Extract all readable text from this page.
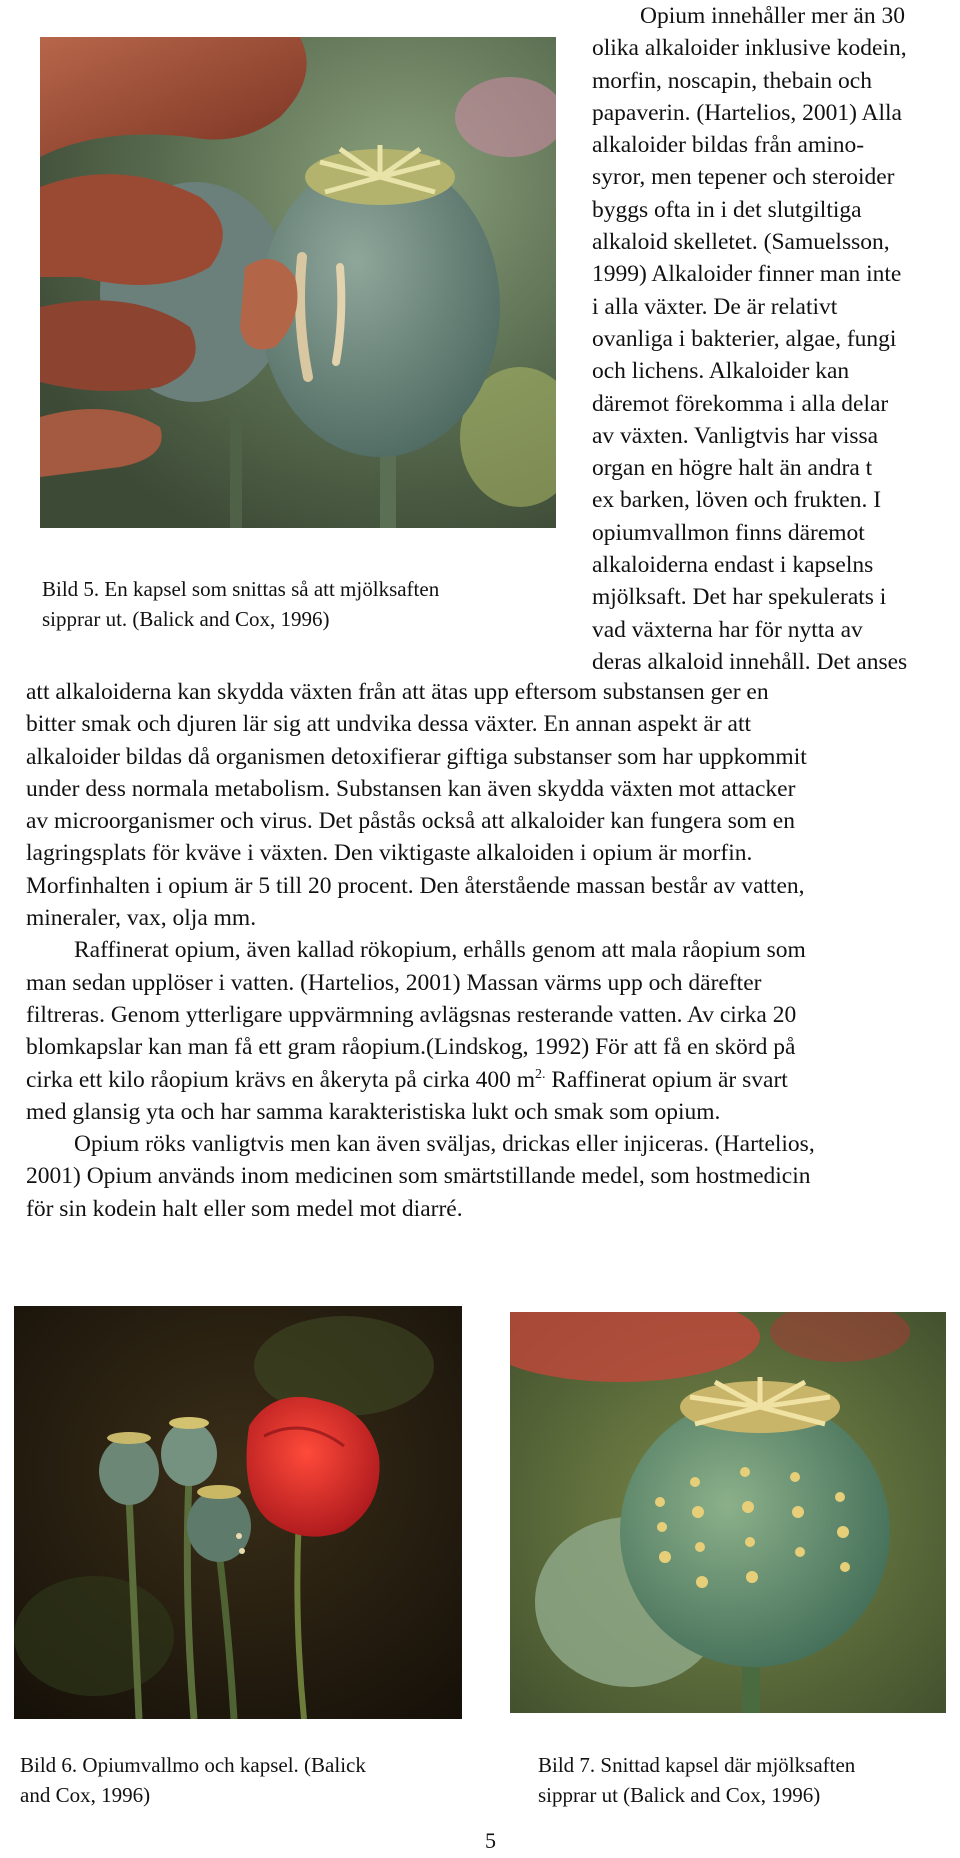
Bild 5. En kapsel som snittas så att mjölksaften
sipprar ut. (Balick and Cox, 1996)
Opium innehåller mer än 30
olika alkaloider inklusive kodein,
morfin, noscapin, thebain och
papaverin. (Hartelios, 2001) Alla
alkaloider bildas från amino-
syror, men tepener och steroider
byggs ofta in i det slutgiltiga
alkaloid skelletet. (Samuelsson,
1999) Alkaloider finner man inte
i alla växter. De är relativt
ovanliga i bakterier, algae, fungi
och lichens. Alkaloider kan
däremot förekomma i alla delar
av växten. Vanligtvis har vissa
organ en högre halt än andra t
ex barken, löven och frukten. I
opiumvallmon finns däremot
alkaloiderna endast i kapselns
mjölksaft. Det har spekulerats i
vad växterna har för nytta av
deras alkaloid innehåll. Det anses
att alkaloiderna kan skydda växten från att ätas upp eftersom substansen ger en
bitter smak och djuren lär sig att undvika dessa växter. En annan aspekt är att
alkaloider bildas då organismen detoxifierar giftiga substanser som har uppkommit
under dess normala metabolism. Substansen kan även skydda växten mot attacker
av microorganismer och virus. Det påstås också att alkaloider kan fungera som en
lagringsplats för kväve i växten. Den viktigaste alkaloiden i opium är morfin.
Morfinhalten i opium är 5 till 20 procent. Den återstående massan består av vatten,
mineraler, vax, olja mm.
Raffinerat opium, även kallad rökopium, erhålls genom att mala råopium som
man sedan upplöser i vatten. (Hartelios, 2001) Massan värms upp och därefter
filtreras. Genom ytterligare uppvärmning avlägsnas resterande vatten. Av cirka 20
blomkapslar kan man få ett gram råopium.(Lindskog, 1992) För att få en skörd på
cirka ett kilo råopium krävs en åkeryta på cirka 400 $m^{2.}$ Raffinerat opium är svart
med glansig yta och har samma karakteristiska lukt och smak som opium.
Opium röks vanligtvis men kan även sväljas, drickas eller injiceras. (Hartelios,
2001) Opium används inom medicinen som smärtstillande medel, som hostmedicin
för sin kodein halt eller som medel mot diarré.
Bild 6. Opiumvallmo och kapsel. (Balick
and Cox, 1996)
Bild 7. Snittad kapsel där mjölksaften
sipprar ut (Balick and Cox, 1996)
5
